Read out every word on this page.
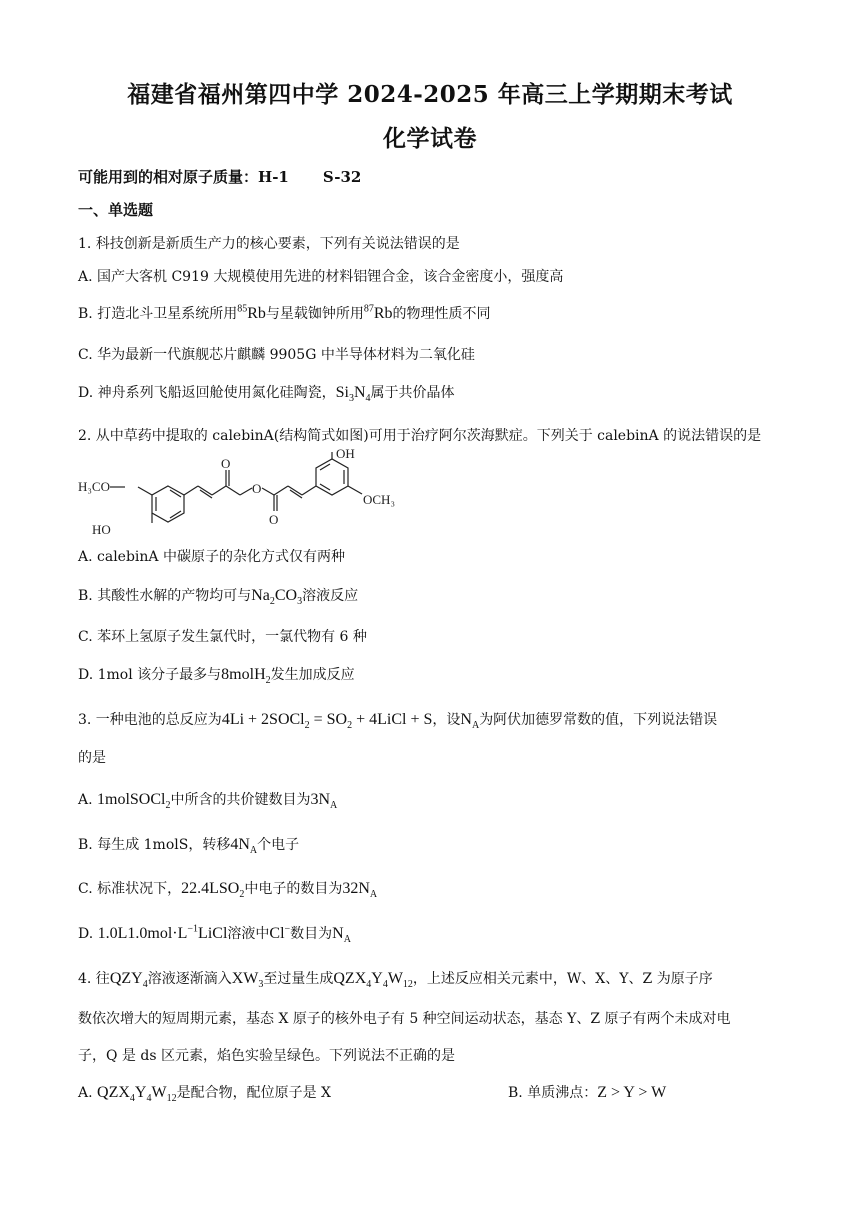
福建省福州第四中学 2024-2025 年高三上学期期末考试
化学试卷
可能用到的相对原子质量：H-1 S-32
一、单选题
1. 科技创新是新质生产力的核心要素，下列有关说法错误的是
A. 国产大客机 C919 大规模使用先进的材料铝锂合金，该合金密度小，强度高
B. 打造北斗卫星系统所用$^{85}$Rb与星载铷钟所用$^{87}$Rb的物理性质不同
C. 华为最新一代旗舰芯片麒麟 9905G 中半导体材料为二氧化硅
D. 神舟系列飞船返回舱使用氮化硅陶瓷，$Si_3N_4$属于共价晶体
2. 从中草药中提取的 calebinA(结构简式如图)可用于治疗阿尔茨海默症。下列关于 calebinA 的说法错误的是
H₃CO
HO
O
O
O
OH
OCH₃
A. calebinA 中碳原子的杂化方式仅有两种
B. 其酸性水解的产物均可与$Na_2CO_3$溶液反应
C. 苯环上氢原子发生氯代时，一氯代物有 6 种
D. 1mol 该分子最多与8molH$_2$发生加成反应
3. 一种电池的总反应为4Li + 2SOCl$_2$ = $SO_2$ + 4LiCl + S，设$N_A$为阿伏加德罗常数的值，下列说法错误
的是
A. 1molSOCl$_2$中所含的共价键数目为$3N_A$
B. 每生成 1molS，转移$4N_A$个电子
C. 标准状况下，$22.4LSO_2$中电子的数目为$32N_A$
D. $1.0L1.0mol\cdot L^{-1}LiCl$溶液中Cl−数目为$N_A$
4. 往$QZY_4$溶液逐渐滴入$XW_3$至过量生成$QZX_4Y_4W_{12}$，上述反应相关元素中，W、X、Y、Z 为原子序
数依次增大的短周期元素，基态 X 原子的核外电子有 5 种空间运动状态，基态 Y、Z 原子有两个未成对电
子，Q 是 ds 区元素，焰色实验呈绿色。下列说法不正确的是
A. $QZX_4Y_4W_{12}$是配合物，配位原子是 X	B. 单质沸点：Z > Y > W
